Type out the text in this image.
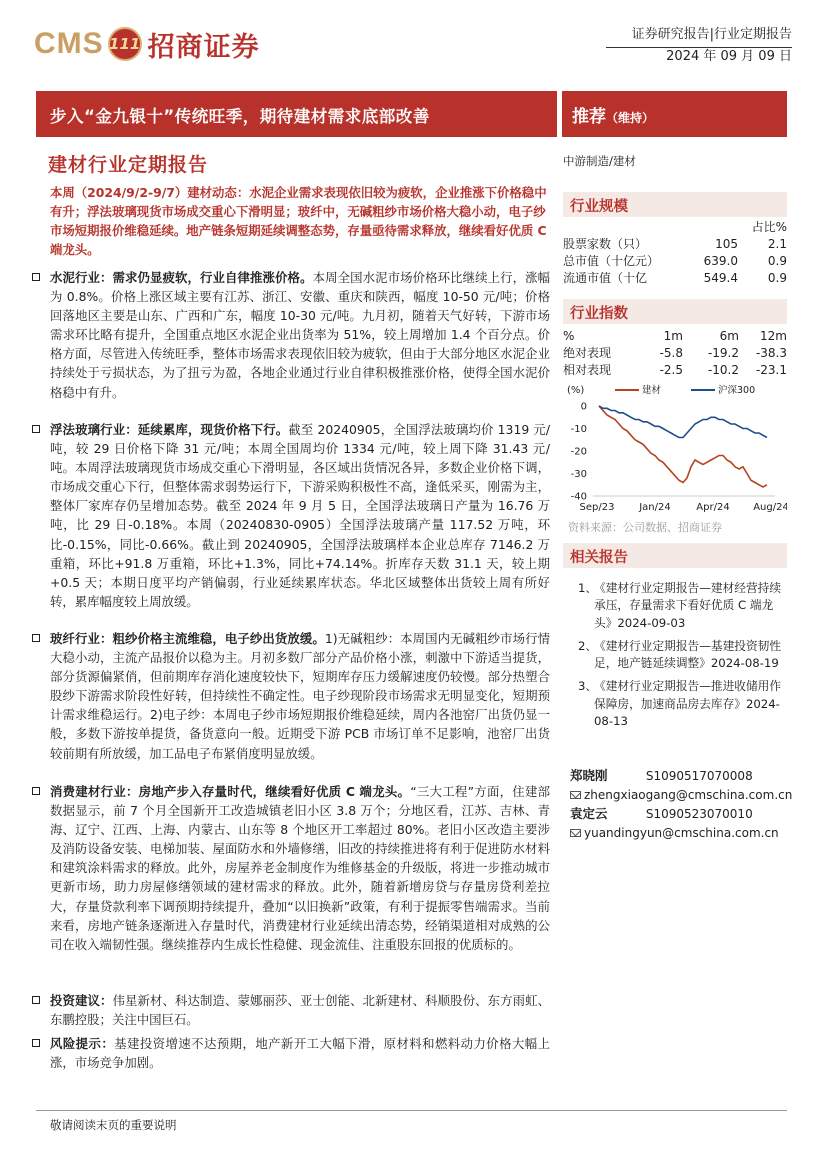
CMS 111 招商证券	证券研究报告|行业定期报告
2024 年 09 月 09 日
步入“金九银十”传统旺季，期待建材需求底部改善	推荐（维持）
建材行业定期报告
本周（2024/9/2-9/7）建材动态：水泥企业需求表现依旧较为疲软，企业推涨下价格稳中有升；浮法玻璃现货市场成交重心下滑明显；玻纤中，无碱粗纱市场价格大稳小动，电子纱市场短期报价维稳延续。地产链条短期延续调整态势，存量亟待需求释放，继续看好优质 C 端龙头。
水泥行业：需求仍显疲软，行业自律推涨价格。本周全国水泥市场价格环比继续上行，涨幅为 0.8%。价格上涨区域主要有江苏、浙江、安徽、重庆和陕西，幅度 10-50 元/吨；价格回落地区主要是山东、广西和广东，幅度 10-30 元/吨。九月初，随着天气好转，下游市场需求环比略有提升，全国重点地区水泥企业出货率为 51%，较上周增加 1.4 个百分点。价格方面，尽管进入传统旺季，整体市场需求表现依旧较为疲软，但由于大部分地区水泥企业持续处于亏损状态，为了扭亏为盈，各地企业通过行业自律积极推涨价格，使得全国水泥价格稳中有升。
浮法玻璃行业：延续累库，现货价格下行。截至 20240905，全国浮法玻璃均价 1319 元/吨，较 29 日价格下降 31 元/吨；本周全国周均价 1334 元/吨，较上周下降 31.43 元/吨。本周浮法玻璃现货市场成交重心下滑明显，各区域出货情况各异，多数企业价格下调，市场成交重心下行，但整体需求弱势运行下，下游采购积极性不高，逢低采买，刚需为主，整体厂家库存仍呈增加态势。截至 2024 年 9 月 5 日，全国浮法玻璃日产量为 16.76 万吨，比 29 日-0.18%。本周（20240830-0905）全国浮法玻璃产量 117.52 万吨，环比-0.15%，同比-0.66%。截止到 20240905，全国浮法玻璃样本企业总库存 7146.2 万重箱，环比+91.8 万重箱，环比+1.3%，同比+74.14%。折库存天数 31.1 天，较上期+0.5 天；本期日度平均产销偏弱，行业延续累库状态。华北区域整体出货较上周有所好转，累库幅度较上周放缓。
玻纤行业：粗纱价格主流维稳，电子纱出货放缓。1)无碱粗纱：本周国内无碱粗纱市场行情大稳小动，主流产品报价以稳为主。月初多数厂部分产品价格小涨，刺激中下游适当提货，部分货源偏紧俏，但前期库存消化速度较快下，短期库存压力缓解速度仍较慢。部分热塑合股纱下游需求阶段性好转，但持续性不确定性。电子纱现阶段市场需求无明显变化，短期预计需求维稳运行。2)电子纱：本周电子纱市场短期报价维稳延续，周内各池窑厂出货仍显一般，多数下游按单提货，备货意向一般。近期受下游 PCB 市场订单不足影响，池窑厂出货较前期有所放缓，加工品电子布紧俏度明显放缓。
消费建材行业：房地产步入存量时代，继续看好优质 C 端龙头。“三大工程”方面，住建部数据显示，前 7 个月全国新开工改造城镇老旧小区 3.8 万个；分地区看，江苏、吉林、青海、辽宁、江西、上海、内蒙古、山东等 8 个地区开工率超过 80%。老旧小区改造主要涉及消防设备安装、电梯加装、屋面防水和外墙修缮，旧改的持续推进将有利于促进防水材料和建筑涂料需求的释放。此外，房屋养老金制度作为维修基金的升级版，将进一步推动城市更新市场，助力房屋修缮领域的建材需求的释放。此外，随着新增房贷与存量房贷利差拉大，存量贷款利率下调预期持续提升，叠加“以旧换新”政策，有利于提振零售端需求。当前来看，房地产链条逐渐进入存量时代，消费建材行业延续出清态势，经销渠道相对成熟的公司在收入端韧性强。继续推荐内生成长性稳健、现金流佳、注重股东回报的优质标的。
投资建议：伟星新材、科达制造、蒙娜丽莎、亚士创能、北新建材、科顺股份、东方雨虹、东鹏控股；关注中国巨石。
风险提示：基建投资增速不达预期，地产新开工大幅下滑，原材料和燃料动力价格大幅上涨，市场竞争加剧。
中游制造/建材
行业规模
占比%
股票家数（只）	105	2.1
总市值（十亿元）	639.0	0.9
流通市值（十亿	549.4	0.9
行业指数
%	1m	6m	12m
绝对表现	-5.8	-19.2	-38.3
相对表现	-2.5	-10.2	-23.1
(%)
0
-10
-20
-30
-40
Sep/23 Jan/24	Apr/24 Aug/24
建材	沪深300
资料来源：公司数据、招商证券
相关报告
1、
《建材行业定期报告—建材经营持续承压，存量需求下看好优质 C 端龙头》2024-09-03
2、
《建材行业定期报告—基建投资韧性足，地产链延续调整》2024-08-19
3、
《建材行业定期报告—推进收储用作保障房，加速商品房去库存》2024-08-13
郑晓刚	S1090517070008
zhengxiaogang@cmschina.com.cn
袁定云	S1090523070010
yuandingyun@cmschina.com.cn
敬请阅读末页的重要说明
